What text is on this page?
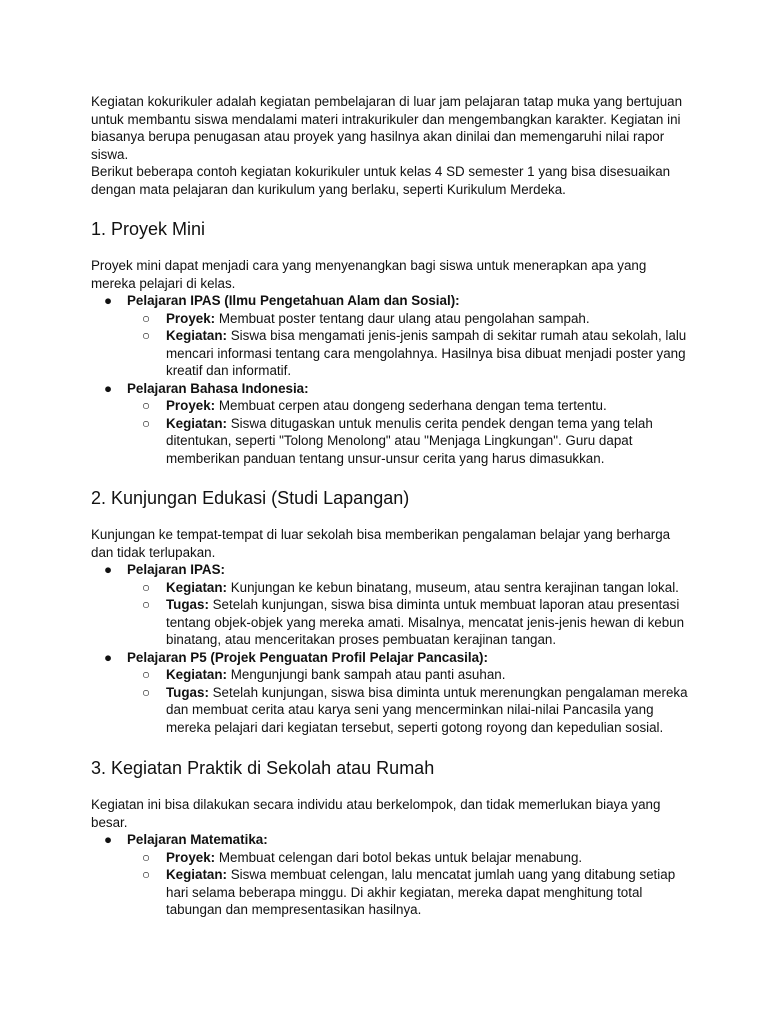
Kegiatan kokurikuler adalah kegiatan pembelajaran di luar jam pelajaran tatap muka yang bertujuan untuk membantu siswa mendalami materi intrakurikuler dan mengembangkan karakter. Kegiatan ini biasanya berupa penugasan atau proyek yang hasilnya akan dinilai dan memengaruhi nilai rapor siswa.

Berikut beberapa contoh kegiatan kokurikuler untuk kelas 4 SD semester 1 yang bisa disesuaikan dengan mata pelajaran dan kurikulum yang berlaku, seperti Kurikulum Merdeka.

1. Proyek Mini

Proyek mini dapat menjadi cara yang menyenangkan bagi siswa untuk menerapkan apa yang mereka pelajari di kelas.

● Pelajaran IPAS (Ilmu Pengetahuan Alam dan Sosial):
○ Proyek: Membuat poster tentang daur ulang atau pengolahan sampah.
○ Kegiatan: Siswa bisa mengamati jenis-jenis sampah di sekitar rumah atau sekolah, lalu mencari informasi tentang cara mengolahnya. Hasilnya bisa dibuat menjadi poster yang kreatif dan informatif.
● Pelajaran Bahasa Indonesia:
○ Proyek: Membuat cerpen atau dongeng sederhana dengan tema tertentu.
○ Kegiatan: Siswa ditugaskan untuk menulis cerita pendek dengan tema yang telah ditentukan, seperti "Tolong Menolong" atau "Menjaga Lingkungan". Guru dapat memberikan panduan tentang unsur-unsur cerita yang harus dimasukkan.
2. Kunjungan Edukasi (Studi Lapangan)

Kunjungan ke tempat-tempat di luar sekolah bisa memberikan pengalaman belajar yang berharga dan tidak terlupakan.

● Pelajaran IPAS:
○ Kegiatan: Kunjungan ke kebun binatang, museum, atau sentra kerajinan tangan lokal.
○ Tugas: Setelah kunjungan, siswa bisa diminta untuk membuat laporan atau presentasi tentang objek-objek yang mereka amati. Misalnya, mencatat jenis-jenis hewan di kebun binatang, atau menceritakan proses pembuatan kerajinan tangan.
● Pelajaran P5 (Projek Penguatan Profil Pelajar Pancasila):
○ Kegiatan: Mengunjungi bank sampah atau panti asuhan.
○ Tugas: Setelah kunjungan, siswa bisa diminta untuk merenungkan pengalaman mereka dan membuat cerita atau karya seni yang mencerminkan nilai-nilai Pancasila yang mereka pelajari dari kegiatan tersebut, seperti gotong royong dan kepedulian sosial.
3. Kegiatan Praktik di Sekolah atau Rumah

Kegiatan ini bisa dilakukan secara individu atau berkelompok, dan tidak memerlukan biaya yang besar.

● Pelajaran Matematika:
○ Proyek: Membuat celengan dari botol bekas untuk belajar menabung.
○ Kegiatan: Siswa membuat celengan, lalu mencatat jumlah uang yang ditabung setiap hari selama beberapa minggu. Di akhir kegiatan, mereka dapat menghitung total tabungan dan mempresentasikan hasilnya.
